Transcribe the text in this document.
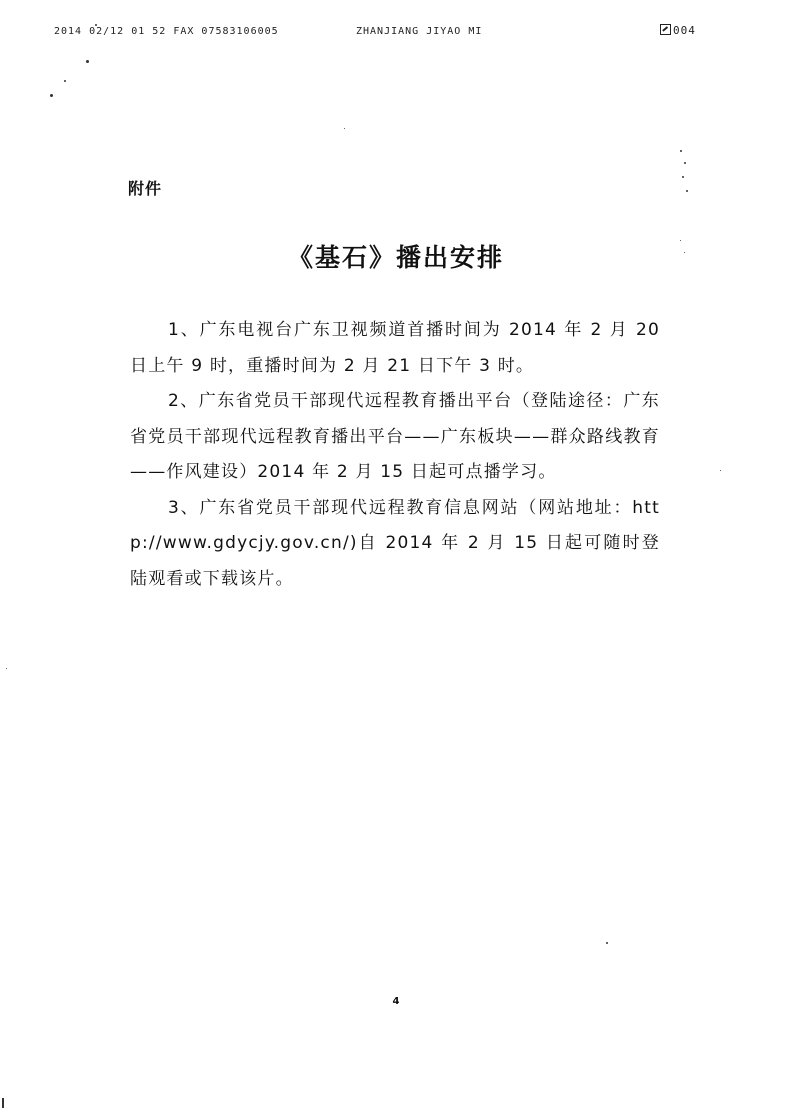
2014 02/12 01 52 FAX 07583106005	ZHANJIANG JIYAO MI	004
附件
《基石》播出安排

1、广东电视台广东卫视频道首播时间为 2014 年 2 月 20 日上午 9 时，重播时间为 2 月 21 日下午 3 时。

2、广东省党员干部现代远程教育播出平台（登陆途径：广东省党员干部现代远程教育播出平台——广东板块——群众路线教育——作风建设）2014 年 2 月 15 日起可点播学习。

3、广东省党员干部现代远程教育信息网站（网站地址：http://www.gdycjy.gov.cn/)自 2014 年 2 月 15 日起可随时登陆观看或下载该片。

4
